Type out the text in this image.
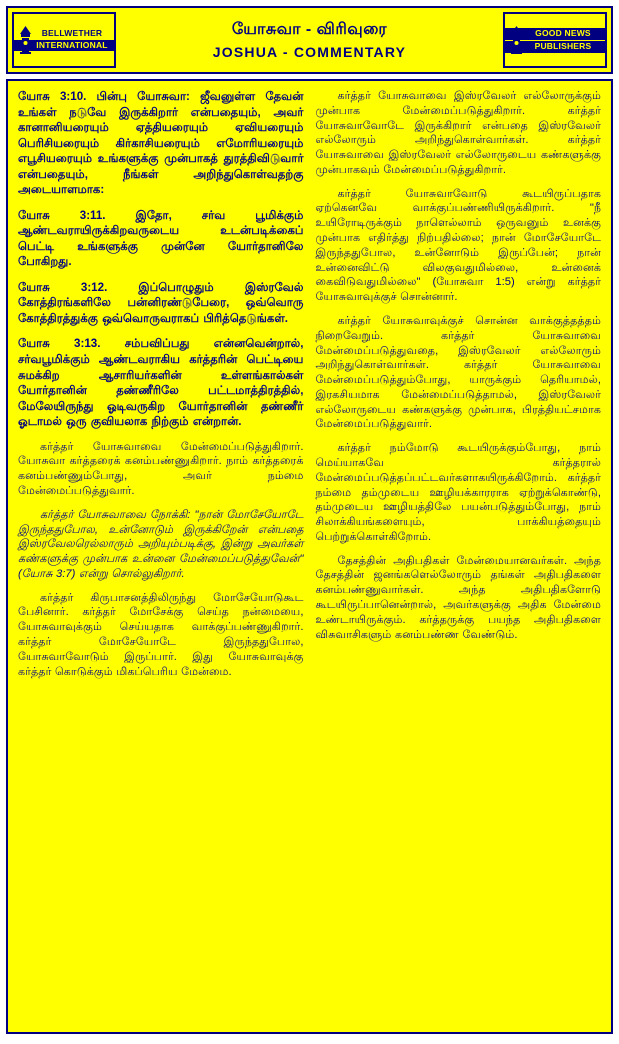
BELLWETHER
INTERNATIONAL
யோசுவா - விரிவுரை
JOSHUA - COMMENTARY
GOOD NEWS
PUBLISHERS

யோசு 3:10. பின்பு யோசுவா: ஜீவனுள்ள தேவன் உங்கள் நடுவே இருக்கிறார் என்பதையும், அவர் கானானியரையும் ஏத்தியரையும் ஏவியரையும் பெரிசியரையும் கிர்காசியரையும் எமோரியரையும் எபூசியரையும் உங்களுக்கு முன்பாகத் துரத்திவிடுவார் என்பதையும், நீங்கள் அறிந்துகொள்வதற்கு அடையாளமாக:

யோசு 3:11. இதோ, சர்வ பூமிக்கும் ஆண்டவராயிருக்கிறவருடைய உடன்படிக்கைப் பெட்டி உங்களுக்கு முன்னே யோர்தானிலே போகிறது.

யோசு 3:12. இப்பொழுதும் இஸ்ரவேல் கோத்திரங்களிலே பன்னிரண்டுபேரை, ஒவ்வொரு கோத்திரத்துக்கு ஒவ்வொருவராகப் பிரித்தெடுங்கள்.

யோசு 3:13. சம்பவிப்பது என்னவென்றால், சர்வபூமிக்கும் ஆண்டவராகிய கர்த்தரின் பெட்டியை சுமக்கிற ஆசாரியர்களின் உள்ளங்கால்கள் யோர்தானின் தண்ணீரிலே பட்டமாத்திரத்தில், மேலேயிருந்து ஓடிவருகிற யோர்தானின் தண்ணீர் ஓடாமல் ஒரு குவியலாக நிற்கும் என்றான்.

கர்த்தர் யோசுவாவை மேன்மைப்படுத்துகிறார். யோசுவா கர்த்தரைக் கனம்பண்ணுகிறார். நாம் கர்த்தரைக் கனம்பண்ணும்போது, அவர் நம்மை மேன்மைப்படுத்துவார்.

கர்த்தர் யோசுவாவை நோக்கி: "நான் மோசேயோடே இருந்ததுபோல, உன்னோடும் இருக்கிறேன் என்பதை இஸ்ரவேலரெல்லாரும் அறியும்படிக்கு, இன்று அவர்கள் கண்களுக்கு முன்பாக உன்னை மேன்மைப்படுத்துவேன்" (யோசு 3:7) என்று சொல்லுகிறார்.

கர்த்தர் கிருபாசனத்திலிருந்து மோசேயோடுகூட பேசினார். கர்த்தர் மோசேக்கு செய்த நன்மையை, யோசுவாவுக்கும் செய்யதாக வாக்குப்பண்ணுகிறார். கர்த்தர் மோசேயோடே இருந்ததுபோல, யோசுவாவோடும் இருப்பார். இது யோசுவாவுக்கு கர்த்தர் கொடுக்கும் மிகப்பெரிய மேன்மை.

கர்த்தர் யோசுவாவை இஸ்ரவேலர் எல்லோருக்கும் முன்பாக மேன்மைப்படுத்துகிறார். கர்த்தர் யோசுவாவோடே இருக்கிறார் என்பதை இஸ்ரவேலர் எல்லோரும் அறிந்துகொள்வார்கள். கர்த்தர் யோசுவாவை இஸ்ரவேலர் எல்லோருடைய கண்களுக்கு முன்பாகவும் மேன்மைப்படுத்துகிறார்.

கர்த்தர் யோசுவாவோடு கூடயிருப்பதாக ஏற்கெனவே வாக்குப்பண்ணியிருக்கிறார். "நீ உயிரோடிருக்கும் நாளெல்லாம் ஒருவனும் உனக்கு முன்பாக எதிர்த்து நிற்பதில்லை; நான் மோசேயோடே இருந்ததுபோல, உன்னோடும் இருப்பேன்; நான் உன்னைவிட்டு விலகுவதுமில்லை, உன்னைக் கைவிடுவதுமில்லை" (யோசுவா 1:5) என்று கர்த்தர் யோசுவாவுக்குச் சொன்னார்.

கர்த்தர் யோசுவாவுக்குச் சொன்ன வாக்குத்தத்தம் நிறைவேறும். கர்த்தர் யோசுவாவை மேன்மைப்படுத்துவதை, இஸ்ரவேலர் எல்லோரும் அறிந்துகொள்வார்கள். கர்த்தர் யோசுவாவை மேன்மைப்படுத்தும்போது, யாருக்கும் தெரியாமல், இரகசியமாக மேன்மைப்படுத்தாமல், இஸ்ரவேலர் எல்லோருடைய கண்களுக்கு முன்பாக, பிரத்தியட்சமாக மேன்மைப்படுத்துவார்.

கர்த்தர் நம்மோடு கூடயிருக்கும்போது, நாம் மெய்யாகவே கர்த்தரால் மேன்மைப்படுத்தப்பட்டவர்களாகயிருக்கிறோம். கர்த்தர் நம்மை தம்முடைய ஊழியக்காரராக ஏற்றுக்கொண்டு, தம்முடைய ஊழியத்திலே பயன்படுத்தும்போது, நாம் சிலாக்கியங்களையும், பாக்கியத்தையும் பெற்றுக்கொள்கிறோம்.

தேசத்தின் அதிபதிகள் மேன்மையானவர்கள். அந்த தேசத்தின் ஜனங்களெல்லோரும் தங்கள் அதிபதிகளை கனம்பண்ணுவார்கள். அந்த அதிபதிகளோடு கூடயிருப்பானென்றால், அவர்களுக்கு அதிக மேன்மை உண்டாயிருக்கும். கர்த்தருக்கு பயந்த அதிபதிகளை விசுவாசிகளும் கனம்பண்ண வேண்டும்.
